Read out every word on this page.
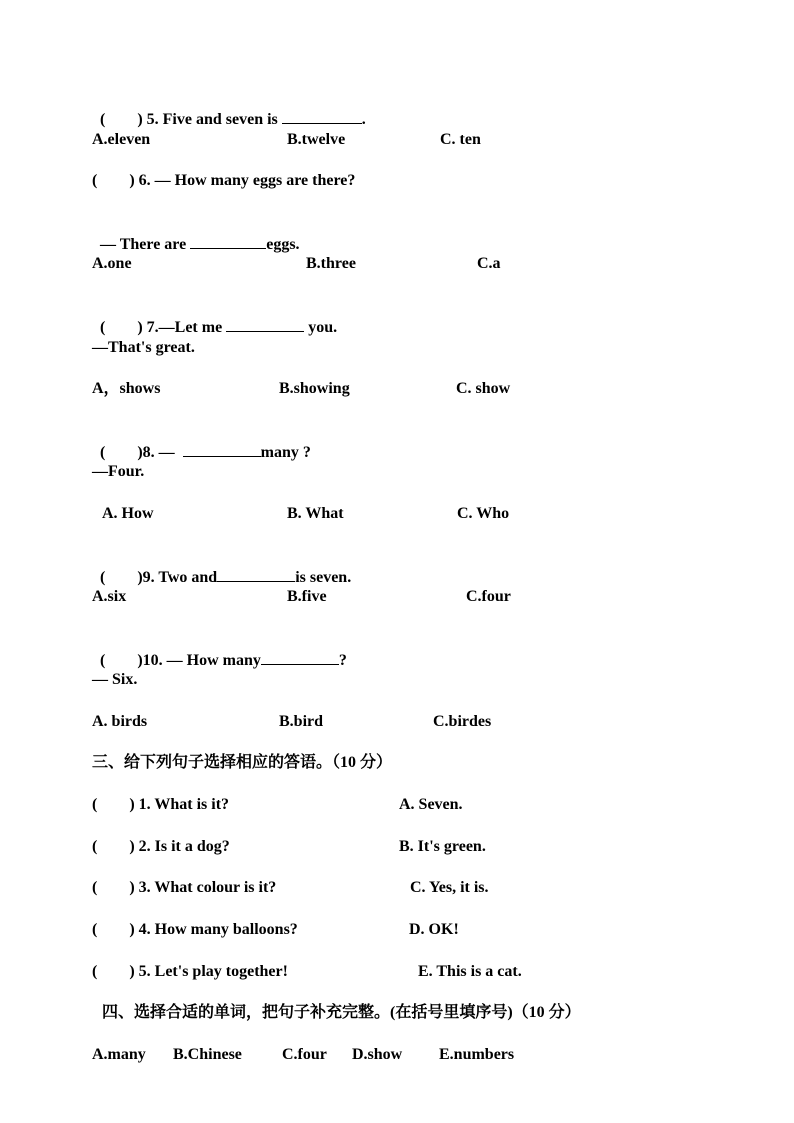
(        ) 5. Five and seven is	.

A.eleven	B.twelve	C. ten
(        ) 6. — How many eggs are there?

— There are	eggs.

A.one	B.three	C.a

(        ) 7.—Let me	you.

—That's great.
A，shows	B.showing	C. show

(        )8. —	many ?

—Four.
A. How	B. What	C. Who

(        )9. Two and	is seven.

A.six	B.five	C.four

(        )10. — How many	?

— Six.
A. birds	B.bird	C.birdes
三、给下列句子选择相应的答语。（10 分）
(        ) 1. What is it?	A. Seven.
(        ) 2. Is it a dog?	B. It's green.
(        ) 3. What colour is it?	C. Yes, it is.
(        ) 4. How many balloons?	D. OK!
(        ) 5. Let's play together!	E. This is a cat.
四、选择合适的单词，把句子补充完整。(在括号里填序号)（10 分）
A.many B.Chinese	C.four D.show E.numbers
